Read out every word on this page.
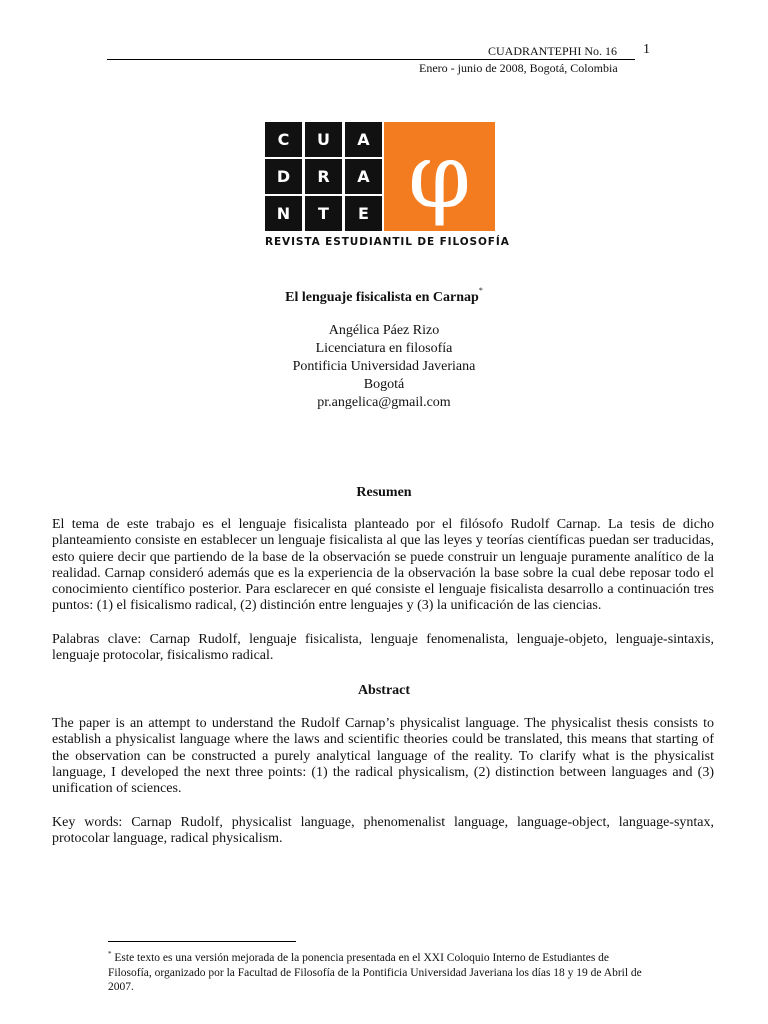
CUADRANTEPHI No. 16
Enero - junio de 2008, Bogotá, Colombia
1
C	U	A
D	R	A
N	T	E φ
REVISTA ESTUDIANTIL DE FILOSOFÍA
El lenguaje fisicalista en Carnap*
Angélica Páez Rizo
Licenciatura en filosofía
Pontificia Universidad Javeriana
Bogotá
pr.angelica@gmail.com
Resumen

El tema de este trabajo es el lenguaje fisicalista planteado por el filósofo Rudolf Carnap. La tesis de dicho planteamiento consiste en establecer un lenguaje fisicalista al que las leyes y teorías científicas puedan ser traducidas, esto quiere decir que partiendo de la base de la observación se puede construir un lenguaje puramente analítico de la realidad. Carnap consideró además que es la experiencia de la observación la base sobre la cual debe reposar todo el conocimiento científico posterior. Para esclarecer en qué consiste el lenguaje fisicalista desarrollo a continuación tres puntos: (1) el fisicalismo radical, (2) distinción entre lenguajes y (3) la unificación de las ciencias.

Palabras clave: Carnap Rudolf, lenguaje fisicalista, lenguaje fenomenalista, lenguaje-objeto, lenguaje-sintaxis, lenguaje protocolar, fisicalismo radical.

Abstract

The paper is an attempt to understand the Rudolf Carnap’s physicalist language. The physicalist thesis consists to establish a physicalist language where the laws and scientific theories could be translated, this means that starting of the observation can be constructed a purely analytical language of the reality. To clarify what is the physicalist language, I developed the next three points: (1) the radical physicalism, (2) distinction between languages and (3) unification of sciences.

Key words: Carnap Rudolf, physicalist language, phenomenalist language, language-object, language-syntax, protocolar language, radical physicalism.

* Este texto es una versión mejorada de la ponencia presentada en el XXI Coloquio Interno de Estudiantes de Filosofía, organizado por la Facultad de Filosofía de la Pontificia Universidad Javeriana los días 18 y 19 de Abril de 2007.
